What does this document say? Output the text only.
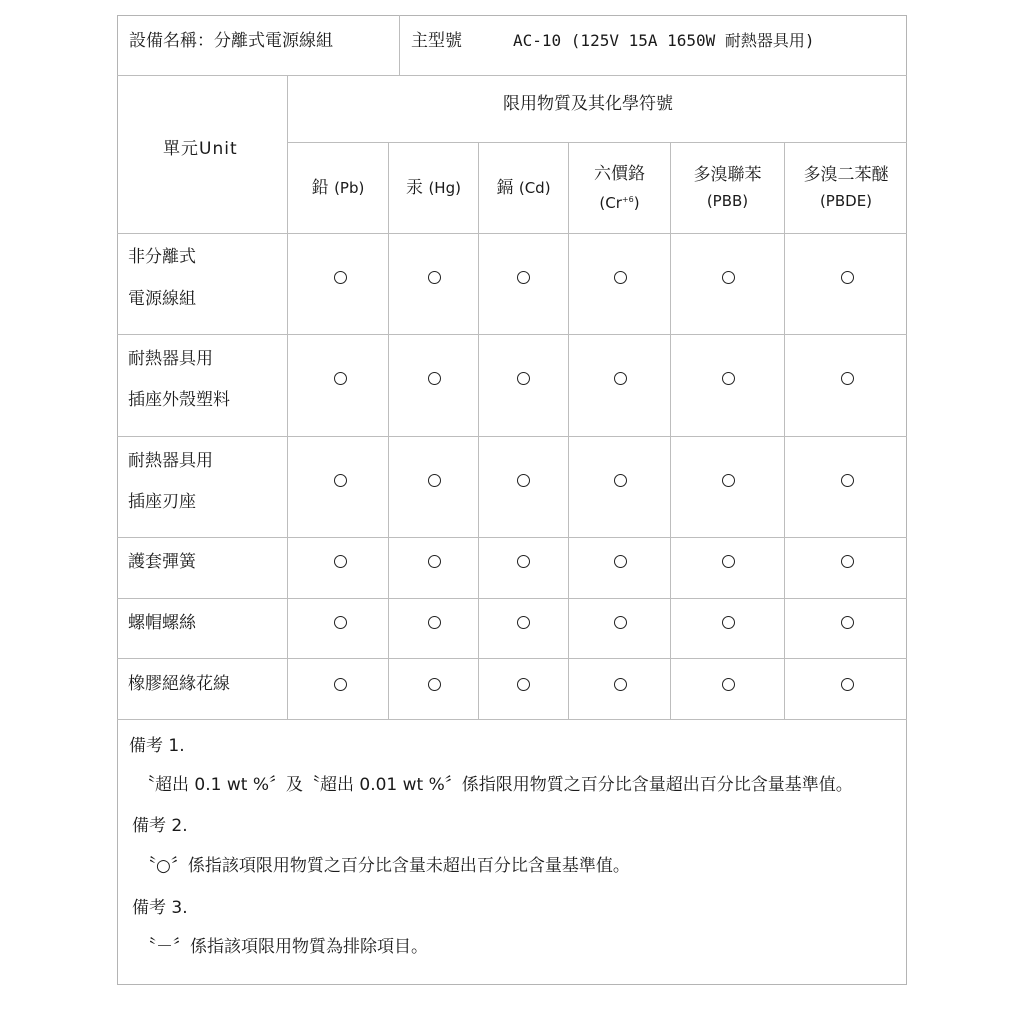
設備名稱：分離式電源線組	主型號	AC-10 (125V 15A 1650W 耐熱器具用)
單元Unit
限用物質及其化學符號
鉛 (Pb) 汞 (Hg) 鎘 (Cd)
六價鉻
$(Cr^{+6})$
多溴聯苯
(PBB)
多溴二苯醚
(PBDE)
非分離式
電源線組
耐熱器具用
插座外殼塑料
耐熱器具用
插座刃座
護套彈簧
螺帽螺絲
橡膠絕緣花線
備考 1.
〝超出 0.1 wt %〞及〝超出 0.01 wt %〞係指限用物質之百分比含量超出百分比含量基準值。
備考 2.
〝○〞係指該項限用物質之百分比含量未超出百分比含量基準值。
備考 3.
〝－〞係指該項限用物質為排除項目。
